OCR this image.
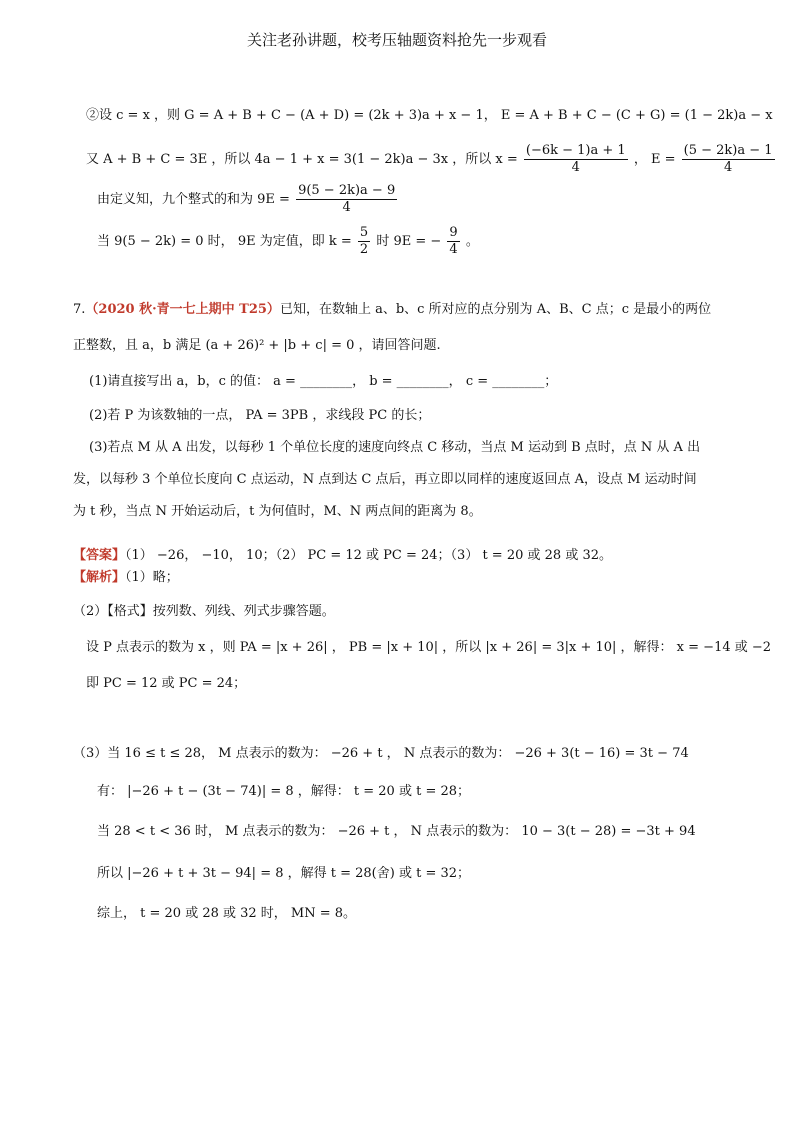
关注老孙讲题，校考压轴题资料抢先一步观看
②设 c = x ，则 G = A + B + C − (A + D) = (2k + 3)a + x − 1， E = A + B + C − (C + G) = (1 − 2k)a − x
又 A + B + C = 3E ，所以 4a − 1 + x = 3(1 − 2k)a − 3x ，所以 $x = \frac{(-6k - 1)a + 1}{4}$ ， $E = \frac{(5 - 2k)a - 1}{4}$
由定义知，九个整式的和为 $9E = \frac{9(5 - 2k)a - 9}{4}$
当 9(5 − 2k) = 0 时， 9E 为定值，即 $k = \frac{5}{2}$ 时 9E = − $\frac{9}{4}$ 。
7.（2020 秋·青一七上期中 T25）已知，在数轴上 a、b、c 所对应的点分别为 A、B、C 点；c 是最小的两位
正整数，且 a，b 满足 (a + 26)² + |b + c| = 0 ，请回答问题.
(1)请直接写出 a，b，c 的值： a = ________， b = ________， c = ________；
(2)若 P 为该数轴的一点， PA = 3PB ，求线段 PC 的长；
(3)若点 M 从 A 出发，以每秒 1 个单位长度的速度向终点 C 移动，当点 M 运动到 B 点时，点 N 从 A 出
发，以每秒 3 个单位长度向 C 点运动，N 点到达 C 点后，再立即以同样的速度返回点 A，设点 M 运动时间
为 t 秒，当点 N 开始运动后，t 为何值时，M、N 两点间的距离为 8。
【答案】（1） −26， −10， 10；（2） PC = 12 或 PC = 24；（3） t = 20 或 28 或 32。
【解析】（1）略；
（2）【格式】按列数、列线、列式步骤答题。
设 P 点表示的数为 x ，则 PA = |x + 26| ， PB = |x + 10| ，所以 |x + 26| = 3|x + 10| ，解得： x = −14 或 −2
即 PC = 12 或 PC = 24；
（3）当 16 ≤ t ≤ 28， M 点表示的数为： −26 + t ， N 点表示的数为： −26 + 3(t − 16) = 3t − 74
有： |−26 + t − (3t − 74)| = 8 ，解得： t = 20 或 t = 28；
当 28 < t < 36 时， M 点表示的数为： −26 + t ， N 点表示的数为： 10 − 3(t − 28) = −3t + 94
所以 |−26 + t + 3t − 94| = 8 ，解得 t = 28(舍) 或 t = 32；
综上， t = 20 或 28 或 32 时， MN = 8。
